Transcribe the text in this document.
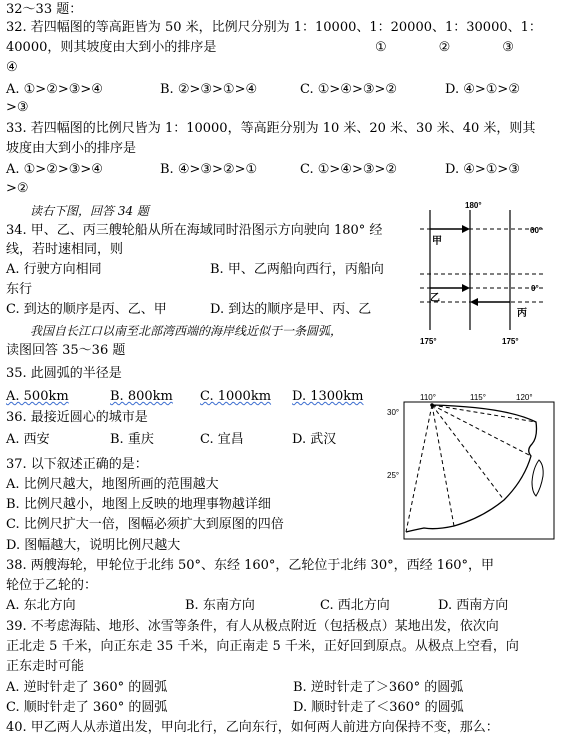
32～33 题：
32. 若四幅图的等高距皆为 50 米，比例尺分别为 1：10000、1：20000、1：30000、1：
40000，则其坡度由大到小的排序是	①　　　　②　　　　③
④
A. ①>②>③>④	B. ②>③>①>④	C. ①>④>③>②	D. ④>①>②
>③
33. 若四幅图的比例尺皆为 1：10000，等高距分别为 10 米、20 米、30 米、40 米，则其
坡度由大到小的排序是
A. ①>②>③>④	B. ④>③>②>①	C. ①>④>③>②	D. ④>①>③
>②
读右下图，回答 34 题
34. 甲、乙、丙三艘轮船从所在海域同时沿图示方向驶向 180° 经
线，若时速相同，则
A. 行驶方向相同	B. 甲、乙两船向西行，丙船向
东行
C. 到达的顺序是丙、乙、甲	D. 到达的顺序是甲、丙、乙
我国自长江口以南至北部湾西端的海岸线近似于一条圆弧，
读图回答 35～36 题
35. 此圆弧的半径是
A. 500km	B. 800km C. 1000km D. 1300km
36. 最接近圆心的城市是
A. 西安	B. 重庆	C. 宜昌	D. 武汉
37. 以下叙述正确的是：
A. 比例尺越大，地图所画的范围越大
B. 比例尺越小，地图上反映的地理事物越详细
C. 比例尺扩大一倍，图幅必须扩大到原图的四倍
D. 图幅越大，说明比例尺越大
38. 两艘海轮，甲轮位于北纬 50°、东经 160°，乙轮位于北纬 30°，西经 160°，甲
轮位于乙轮的：
A. 东北方向	B. 东南方向	C. 西北方向	D. 西南方向
39. 不考虑海陆、地形、冰雪等条件，有人从极点附近（包括极点）某地出发，依次向
正北走 5 千米，向正东走 35 千米，向正南走 5 千米，正好回到原点。从极点上空看，向
正东走时可能
A. 逆时针走了 360° 的圆弧	B. 逆时针走了＞360° 的圆弧
C. 顺时针走了 360° 的圆弧	D. 顺时针走了＜360° 的圆弧
40. 甲乙两人从赤道出发，甲向北行，乙向东行，如何两人前进方向保持不变，那么：
180°
60°
0°
175°	175°
甲
乙
丙
110°	115°	120°
30°
25°
